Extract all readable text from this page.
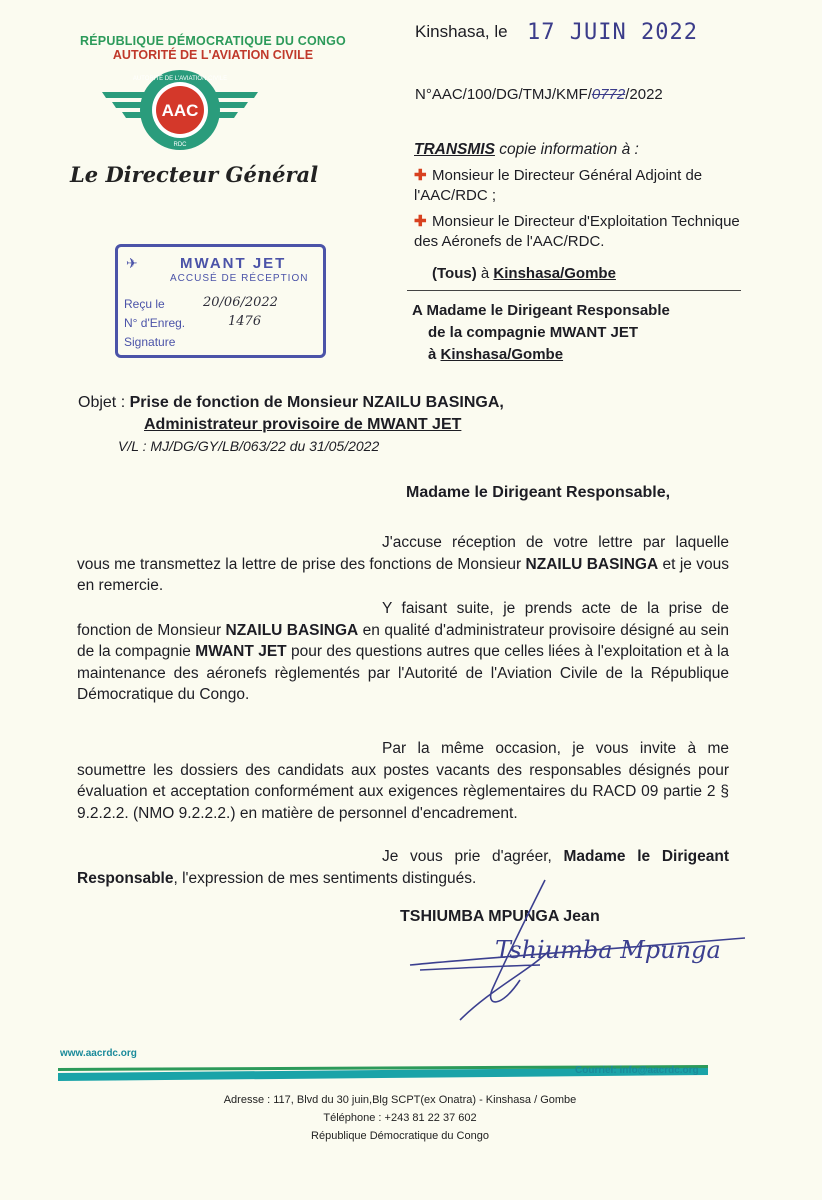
RÉPUBLIQUE DÉMOCRATIQUE DU CONGO
AUTORITÉ DE L'AVIATION CIVILE
AAC
AUTORITÉ DE L'AVIATION CIVILE
RDC
Le Directeur Général
Kinshasa, le 17 JUIN 2022
N°AAC/100/DG/TMJ/KMF/0772/2022
TRANSMIS copie information à :
✚ Monsieur le Directeur Général Adjoint de l'AAC/RDC ;
✚ Monsieur le Directeur d'Exploitation Technique des Aéronefs de l'AAC/RDC.
(Tous) à Kinshasa/Gombe
A Madame le Dirigeant Responsable
de la compagnie MWANT JET
à Kinshasa/Gombe
✈	MWANT JET
ACCUSÉ DE RÉCEPTION
Reçu le	20/06/2022
N° d'Enreg.	1476
Signature
Objet : Prise de fonction de Monsieur NZAILU BASINGA,
Administrateur provisoire de MWANT JET
V/L : MJ/DG/GY/LB/063/22 du 31/05/2022
Madame le Dirigeant Responsable,
J'accuse réception de votre lettre par laquelle vous me transmettez la lettre de prise des fonctions de Monsieur NZAILU BASINGA et je vous en remercie.
Y faisant suite, je prends acte de la prise de fonction de Monsieur NZAILU BASINGA en qualité d'administrateur provisoire désigné au sein de la compagnie MWANT JET pour des questions autres que celles liées à l'exploitation et à la maintenance des aéronefs règlementés par l'Autorité de l'Aviation Civile de la République Démocratique du Congo.
Par la même occasion, je vous invite à me soumettre les dossiers des candidats aux postes vacants des responsables désignés pour évaluation et acceptation conformément aux exigences règlementaires du RACD 09 partie 2 § 9.2.2.2. (NMO 9.2.2.2.) en matière de personnel d'encadrement.
Je vous prie d'agréer, Madame le Dirigeant Responsable, l'expression de mes sentiments distingués.
TSHIUMBA MPUNGA Jean
Tshiumba Mpunga
www.aacrdc.org
Courriel: info@aacrdc.org
Adresse : 117, Blvd du 30 juin,Blg SCPT(ex Onatra) - Kinshasa / Gombe
Téléphone : +243 81 22 37 602
République Démocratique du Congo
